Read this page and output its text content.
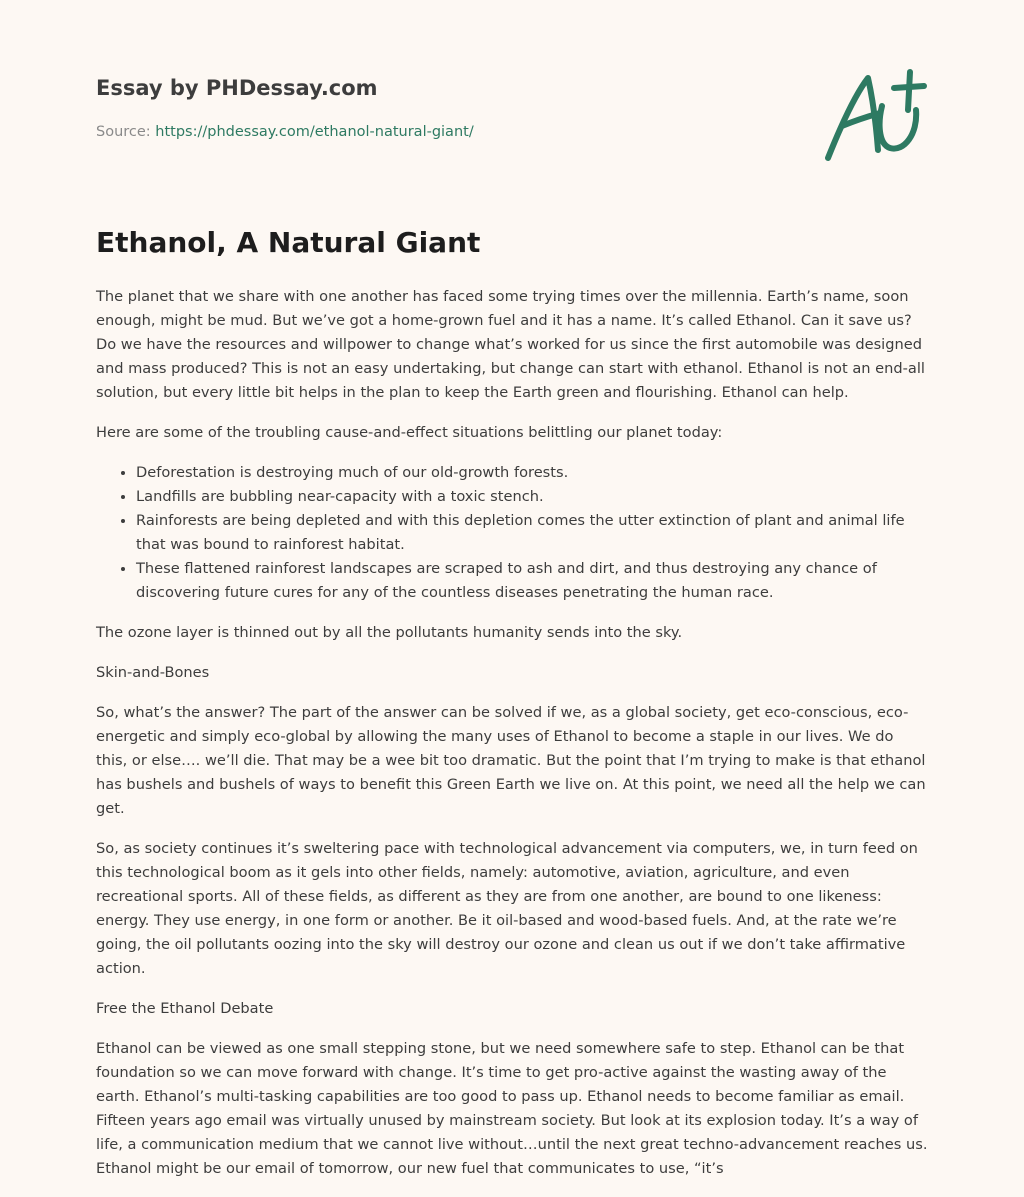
Essay by PHDessay.com

Source: https://phdessay.com/ethanol-natural-giant/

Ethanol, A Natural Giant

The planet that we share with one another has faced some trying times over the millennia. Earth’s name, soon enough, might be mud. But we’ve got a home-grown fuel and it has a name. It’s called Ethanol. Can it save us? Do we have the resources and willpower to change what’s worked for us since the first automobile was designed and mass produced? This is not an easy undertaking, but change can start with ethanol. Ethanol is not an end-all solution, but every little bit helps in the plan to keep the Earth green and flourishing. Ethanol can help.

Here are some of the troubling cause-and-effect situations belittling our planet today:

• Deforestation is destroying much of our old-growth forests.
• Landfills are bubbling near-capacity with a toxic stench.
• Rainforests are being depleted and with this depletion comes the utter extinction of plant and animal life that was bound to rainforest habitat.
• These flattened rainforest landscapes are scraped to ash and dirt, and thus destroying any chance of discovering future cures for any of the countless diseases penetrating the human race.

The ozone layer is thinned out by all the pollutants humanity sends into the sky.

Skin-and-Bones

So, what’s the answer? The part of the answer can be solved if we, as a global society, get eco-conscious, eco-energetic and simply eco-global by allowing the many uses of Ethanol to become a staple in our lives. We do this, or else…. we’ll die. That may be a wee bit too dramatic. But the point that I’m trying to make is that ethanol has bushels and bushels of ways to benefit this Green Earth we live on. At this point, we need all the help we can get.

So, as society continues it’s sweltering pace with technological advancement via computers, we, in turn feed on this technological boom as it gels into other fields, namely: automotive, aviation, agriculture, and even recreational sports. All of these fields, as different as they are from one another, are bound to one likeness: energy. They use energy, in one form or another. Be it oil-based and wood-based fuels. And, at the rate we’re going, the oil pollutants oozing into the sky will destroy our ozone and clean us out if we don’t take affirmative action.

Free the Ethanol Debate

Ethanol can be viewed as one small stepping stone, but we need somewhere safe to step. Ethanol can be that foundation so we can move forward with change. It’s time to get pro-active against the wasting away of the earth. Ethanol’s multi-tasking capabilities are too good to pass up. Ethanol needs to become familiar as email. Fifteen years ago email was virtually unused by mainstream society. But look at its explosion today. It’s a way of life, a communication medium that we cannot live without…until the next great techno-advancement reaches us. Ethanol might be our email of tomorrow, our new fuel that communicates to use, “it’s
